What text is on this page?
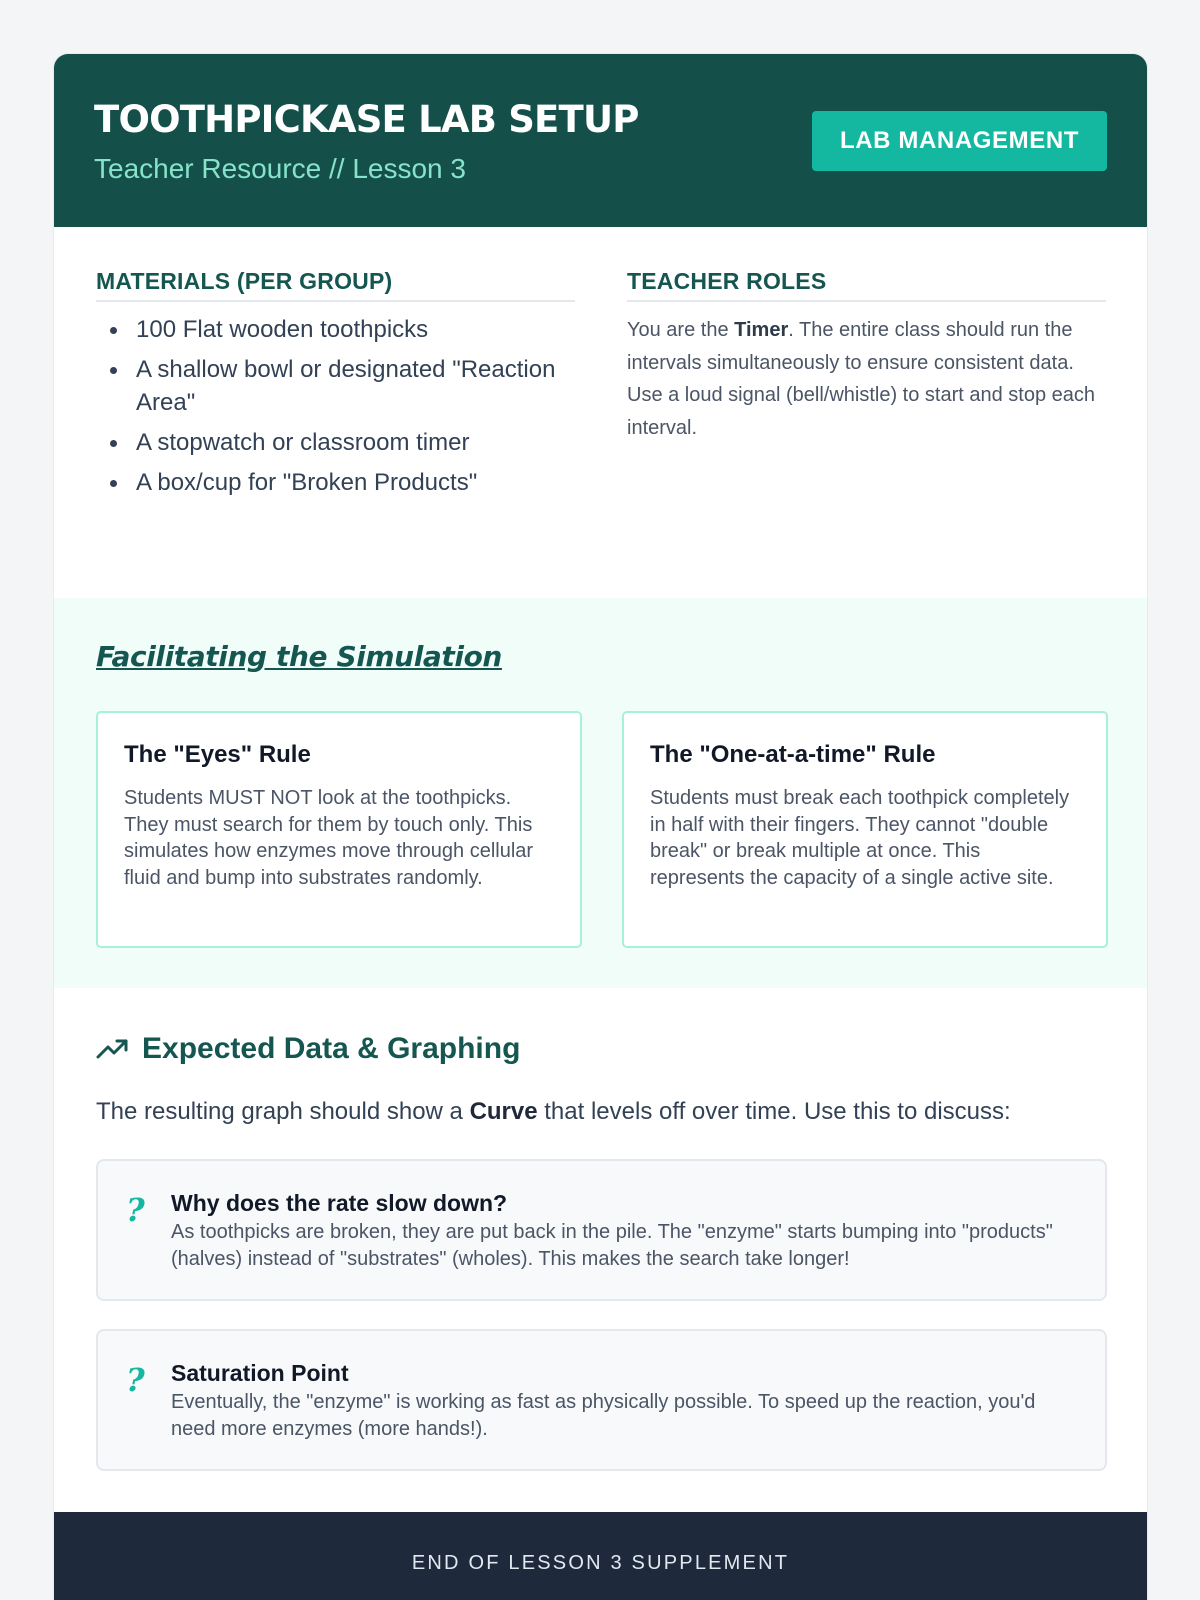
TOOTHPICKASE LAB SETUP
Teacher Resource // Lesson 3
LAB MANAGEMENT
MATERIALS (PER GROUP)
100 Flat wooden toothpicks
A shallow bowl or designated "Reaction Area"
A stopwatch or classroom timer
A box/cup for "Broken Products"
TEACHER ROLES

You are the Timer. The entire class should run the intervals simultaneously to ensure consistent data. Use a loud signal (bell/whistle) to start and stop each interval.

Facilitating the Simulation
The "Eyes" Rule
Students MUST NOT look at the toothpicks. They must search for them by touch only. This simulates how enzymes move through cellular fluid and bump into substrates randomly.
The "One-at-a-time" Rule
Students must break each toothpick completely in half with their fingers. They cannot "double break" or break multiple at once. This represents the capacity of a single active site.
Expected Data & Graphing

The resulting graph should show a Curve that levels off over time. Use this to discuss:

? Why does the rate slow down?
As toothpicks are broken, they are put back in the pile. The "enzyme" starts bumping into "products" (halves) instead of "substrates" (wholes). This makes the search take longer!
? Saturation Point
Eventually, the "enzyme" is working as fast as physically possible. To speed up the reaction, you'd need more enzymes (more hands!).
END OF LESSON 3 SUPPLEMENT
